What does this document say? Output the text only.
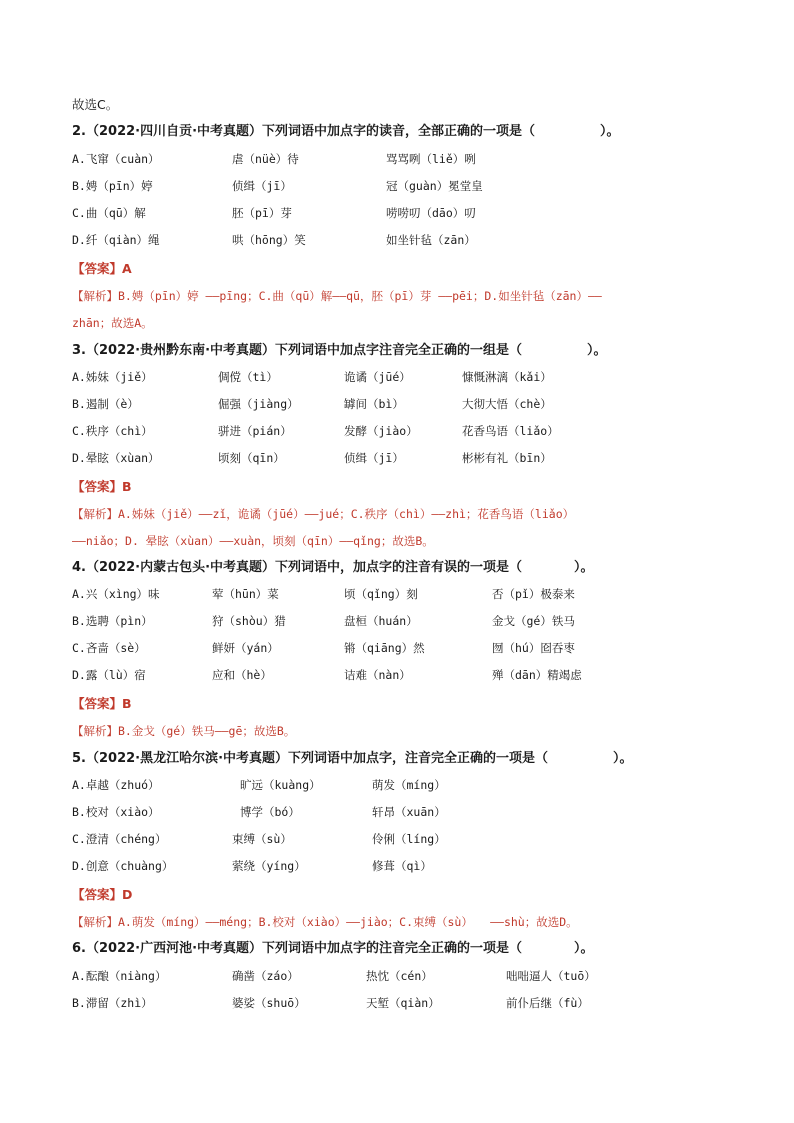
故选C。
2.（2022·四川自贡·中考真题）下列词语中加点字的读音，全部正确的一项是（　　　　　）。
A.飞窜（cuàn）	虐（nüè）待	骂骂咧（liě）咧
B.娉（pīn）婷	侦缉（jī）	冠（guàn）冕堂皇
C.曲（qū）解	胚（pī）芽	唠唠叨（dāo）叨
D.纤（qiàn）绳	哄（hōng）笑	如坐针毡（zān）
【答案】A
【解析】B.娉（pīn）婷 ——pīng；C.曲（qū）解——qū，胚（pī）芽 ——pēi；D.如坐针毡（zān）——
zhān；故选A。
3.（2022·贵州黔东南·中考真题）下列词语中加点字注音完全正确的一组是（　　　　　）。
A.姊妹（jiě）	倜傥（tì）	诡谲（jūé）	慷慨淋漓（kǎi）
B.遏制（è）	倔强（jiàng）	罅间（bì）	大彻大悟（chè）
C.秩序（chì）	骈进（pián）	发酵（jiào）	花香鸟语（liǎo）
D.晕眩（xùan）	顷刻（qīn）	侦缉（jī）	彬彬有礼（bīn）
【答案】B
【解析】A.姊妹（jiě）——zǐ，诡谲（jūé）——jué；C.秩序（chì）——zhì；花香鸟语（liǎo）
——niǎo；D. 晕眩（xùan）——xuàn，顷刻（qīn）——qǐng；故选B。
4.（2022·内蒙古包头·中考真题）下列词语中，加点字的注音有误的一项是（　　　　）。
A.兴（xìng）味	荤（hūn）菜	顷（qǐng）刻	否（pǐ）极泰来
B.选聘（pìn）	狩（shòu）猎	盘桓（huán）	金戈（gé）铁马
C.吝啬（sè）	鲜妍（yán）	锵（qiāng）然	囫（hú）囵吞枣
D.露（lù）宿	应和（hè）	诘难（nàn）	殚（dān）精竭虑
【答案】B
【解析】B.金戈（gé）铁马——gē；故选B。
5.（2022·黑龙江哈尔滨·中考真题）下列词语中加点字，注音完全正确的一项是（　　　　　）。
A.卓越（zhuó）	旷远（kuàng）	萌发（míng）
B.校对（xiào）	博学（bó）	轩昂（xuān）
C.澄清（chéng）	束缚（sù）	伶俐（líng）
D.创意（chuàng）	萦绕（yíng）	修葺（qì）
【答案】D
【解析】A.萌发（míng）——méng；B.校对（xiào）——jiào；C.束缚（sù）　　——shù；故选D。
6.（2022·广西河池·中考真题）下列词语中加点字的注音完全正确的一项是（　　　　）。
A.酝酿（niàng）	确凿（záo）	热忱（cén）	咄咄逼人（tuō）
B.滞留（zhì）	婆娑（shuō）	天堑（qiàn）	前仆后继（fù）
